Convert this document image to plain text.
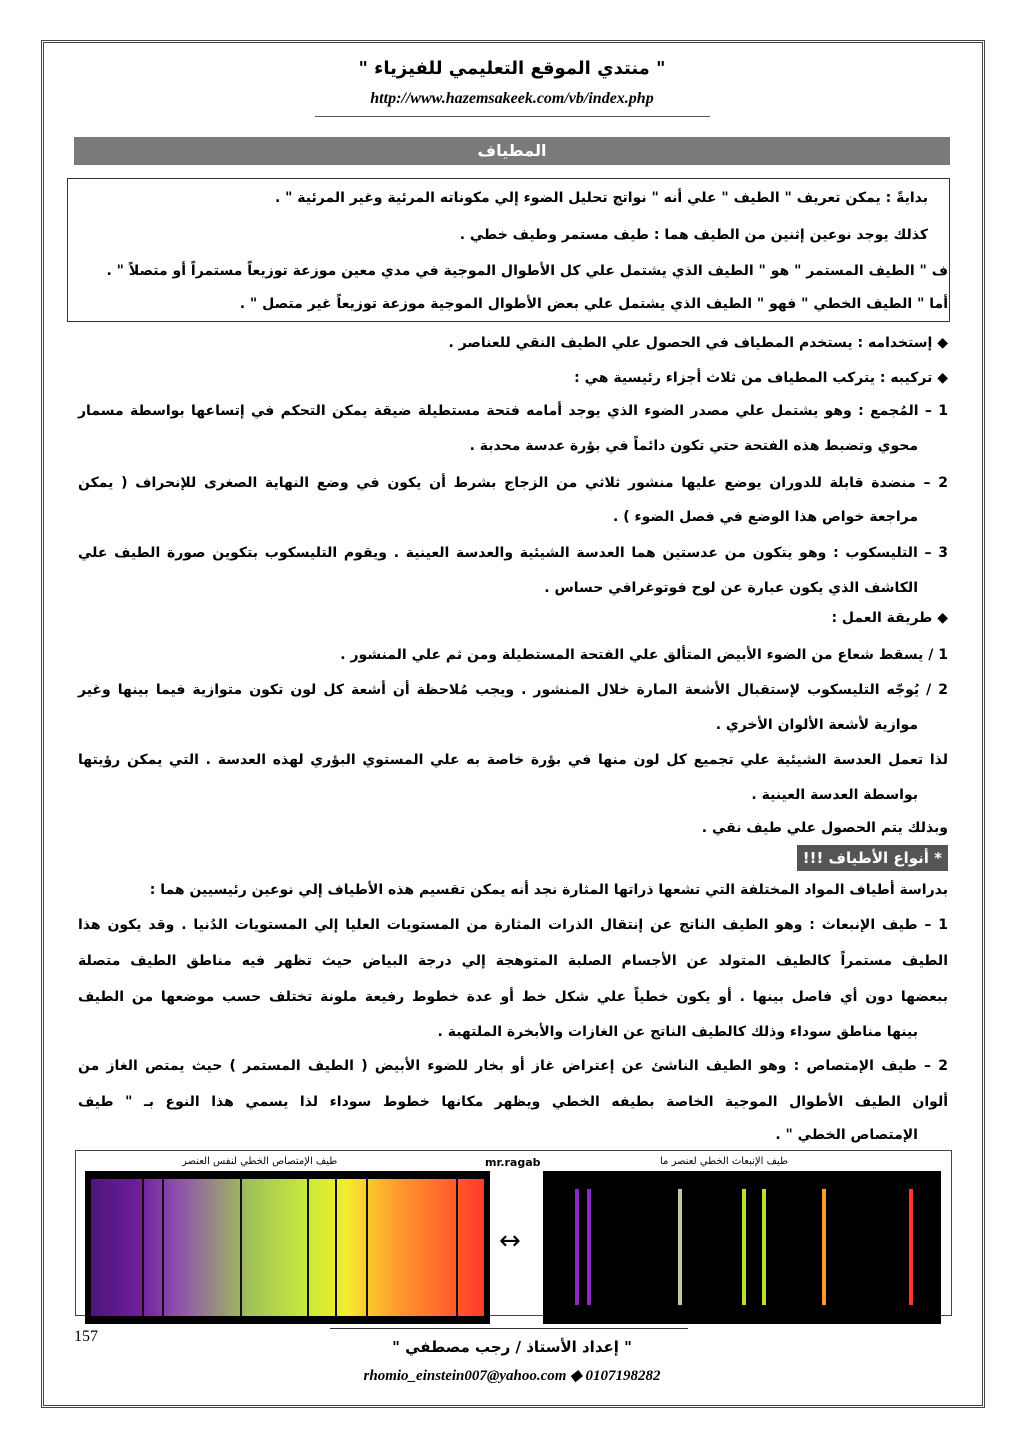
" منتدي الموقع التعليمي للفيزياء "
http://www.hazemsakeek.com/vb/index.php
المطياف
بدايةً : يمكن تعريف " الطيف " علي أنه " نواتج تحليل الضوء إلي مكوناته المرئية وغير المرئية " .
كذلك يوجد نوعين إثنين من الطيف هما : طيف مستمر وطيف خطي .
ف " الطيف المستمر " هو " الطيف الذي يشتمل علي كل الأطوال الموجية في مدي معين موزعة توزيعاً مستمراً أو متصلاً " .
أما " الطيف الخطي " فهو " الطيف الذي يشتمل علي بعض الأطوال الموجية موزعة توزيعاً غير متصل " .
◆ إستخدامه : يستخدم المطياف في الحصول علي الطيف النقي للعناصر .
◆ تركيبه : يتركب المطياف من ثلاث أجزاء رئيسية هي :
1 – المُجمع : وهو يشتمل علي مصدر الضوء الذي يوجد أمامه فتحة مستطيلة ضيقة يمكن التحكم في إتساعها بواسطة مسمار
محوي وتضبط هذه الفتحة حتي تكون دائماً في بؤرة عدسة محدبة .
2 – منضدة قابلة للدوران يوضع عليها منشور ثلاثي من الزجاج بشرط أن يكون في وضع النهاية الصغرى للإنحراف ( يمكن
مراجعة خواص هذا الوضع في فصل الضوء ) .
3 – التليسكوب : وهو يتكون من عدستين هما العدسة الشيئية والعدسة العينية . ويقوم التليسكوب بتكوين صورة الطيف علي
الكاشف الذي يكون عبارة عن لوح فوتوغرافي حساس .
◆ طريقة العمل :
1 / يسقط شعاع من الضوء الأبيض المتألق علي الفتحة المستطيلة ومن ثم علي المنشور .
2 / يُوجّه التليسكوب لإستقبال الأشعة المارة خلال المنشور . ويجب مُلاحظة أن أشعة كل لون تكون متوازية فيما بينها وغير
موازية لأشعة الألوان الأخري .
لذا تعمل العدسة الشيئية علي تجميع كل لون منها في بؤرة خاصة به علي المستوي البؤري لهذه العدسة . التي يمكن رؤيتها
بواسطة العدسة العينية .
وبذلك يتم الحصول علي طيف نقي .
* أنواع الأطياف !!!
بدراسة أطياف المواد المختلفة التي تشعها ذراتها المثارة نجد أنه يمكن تقسيم هذه الأطياف إلي نوعين رئيسيين هما :
1 – طيف الإنبعاث : وهو الطيف الناتج عن إنتقال الذرات المثارة من المستويات العليا إلي المستويات الدُنيا . وقد يكون هذا
الطيف مستمراً كالطيف المتولد عن الأجسام الصلبة المتوهجة إلي درجة البياض حيث تظهر فيه مناطق الطيف متصلة
ببعضها دون أي فاصل بينها . أو يكون خطياً علي شكل خط أو عدة خطوط رفيعة ملونة تختلف حسب موضعها من الطيف
بينها مناطق سوداء وذلك كالطيف الناتج عن الغازات والأبخرة الملتهبة .
2 – طيف الإمتصاص : وهو الطيف الناشئ عن إعتراض غاز أو بخار للضوء الأبيض ( الطيف المستمر ) حيث يمتص الغاز من
ألوان الطيف الأطوال الموجية الخاصة بطيفه الخطي ويظهر مكانها خطوط سوداء لذا يسمي هذا النوع بـ " طيف
الإمتصاص الخطي " .
طيف الإمتصاص الخطي لنفس العنصر	mr.ragab	طيف الإنبعاث الخطي لعنصر ما
↔
157
" إعداد الأستاذ / رجب مصطفي "
rhomio_einstein007@yahoo.com ◆ 0107198282
